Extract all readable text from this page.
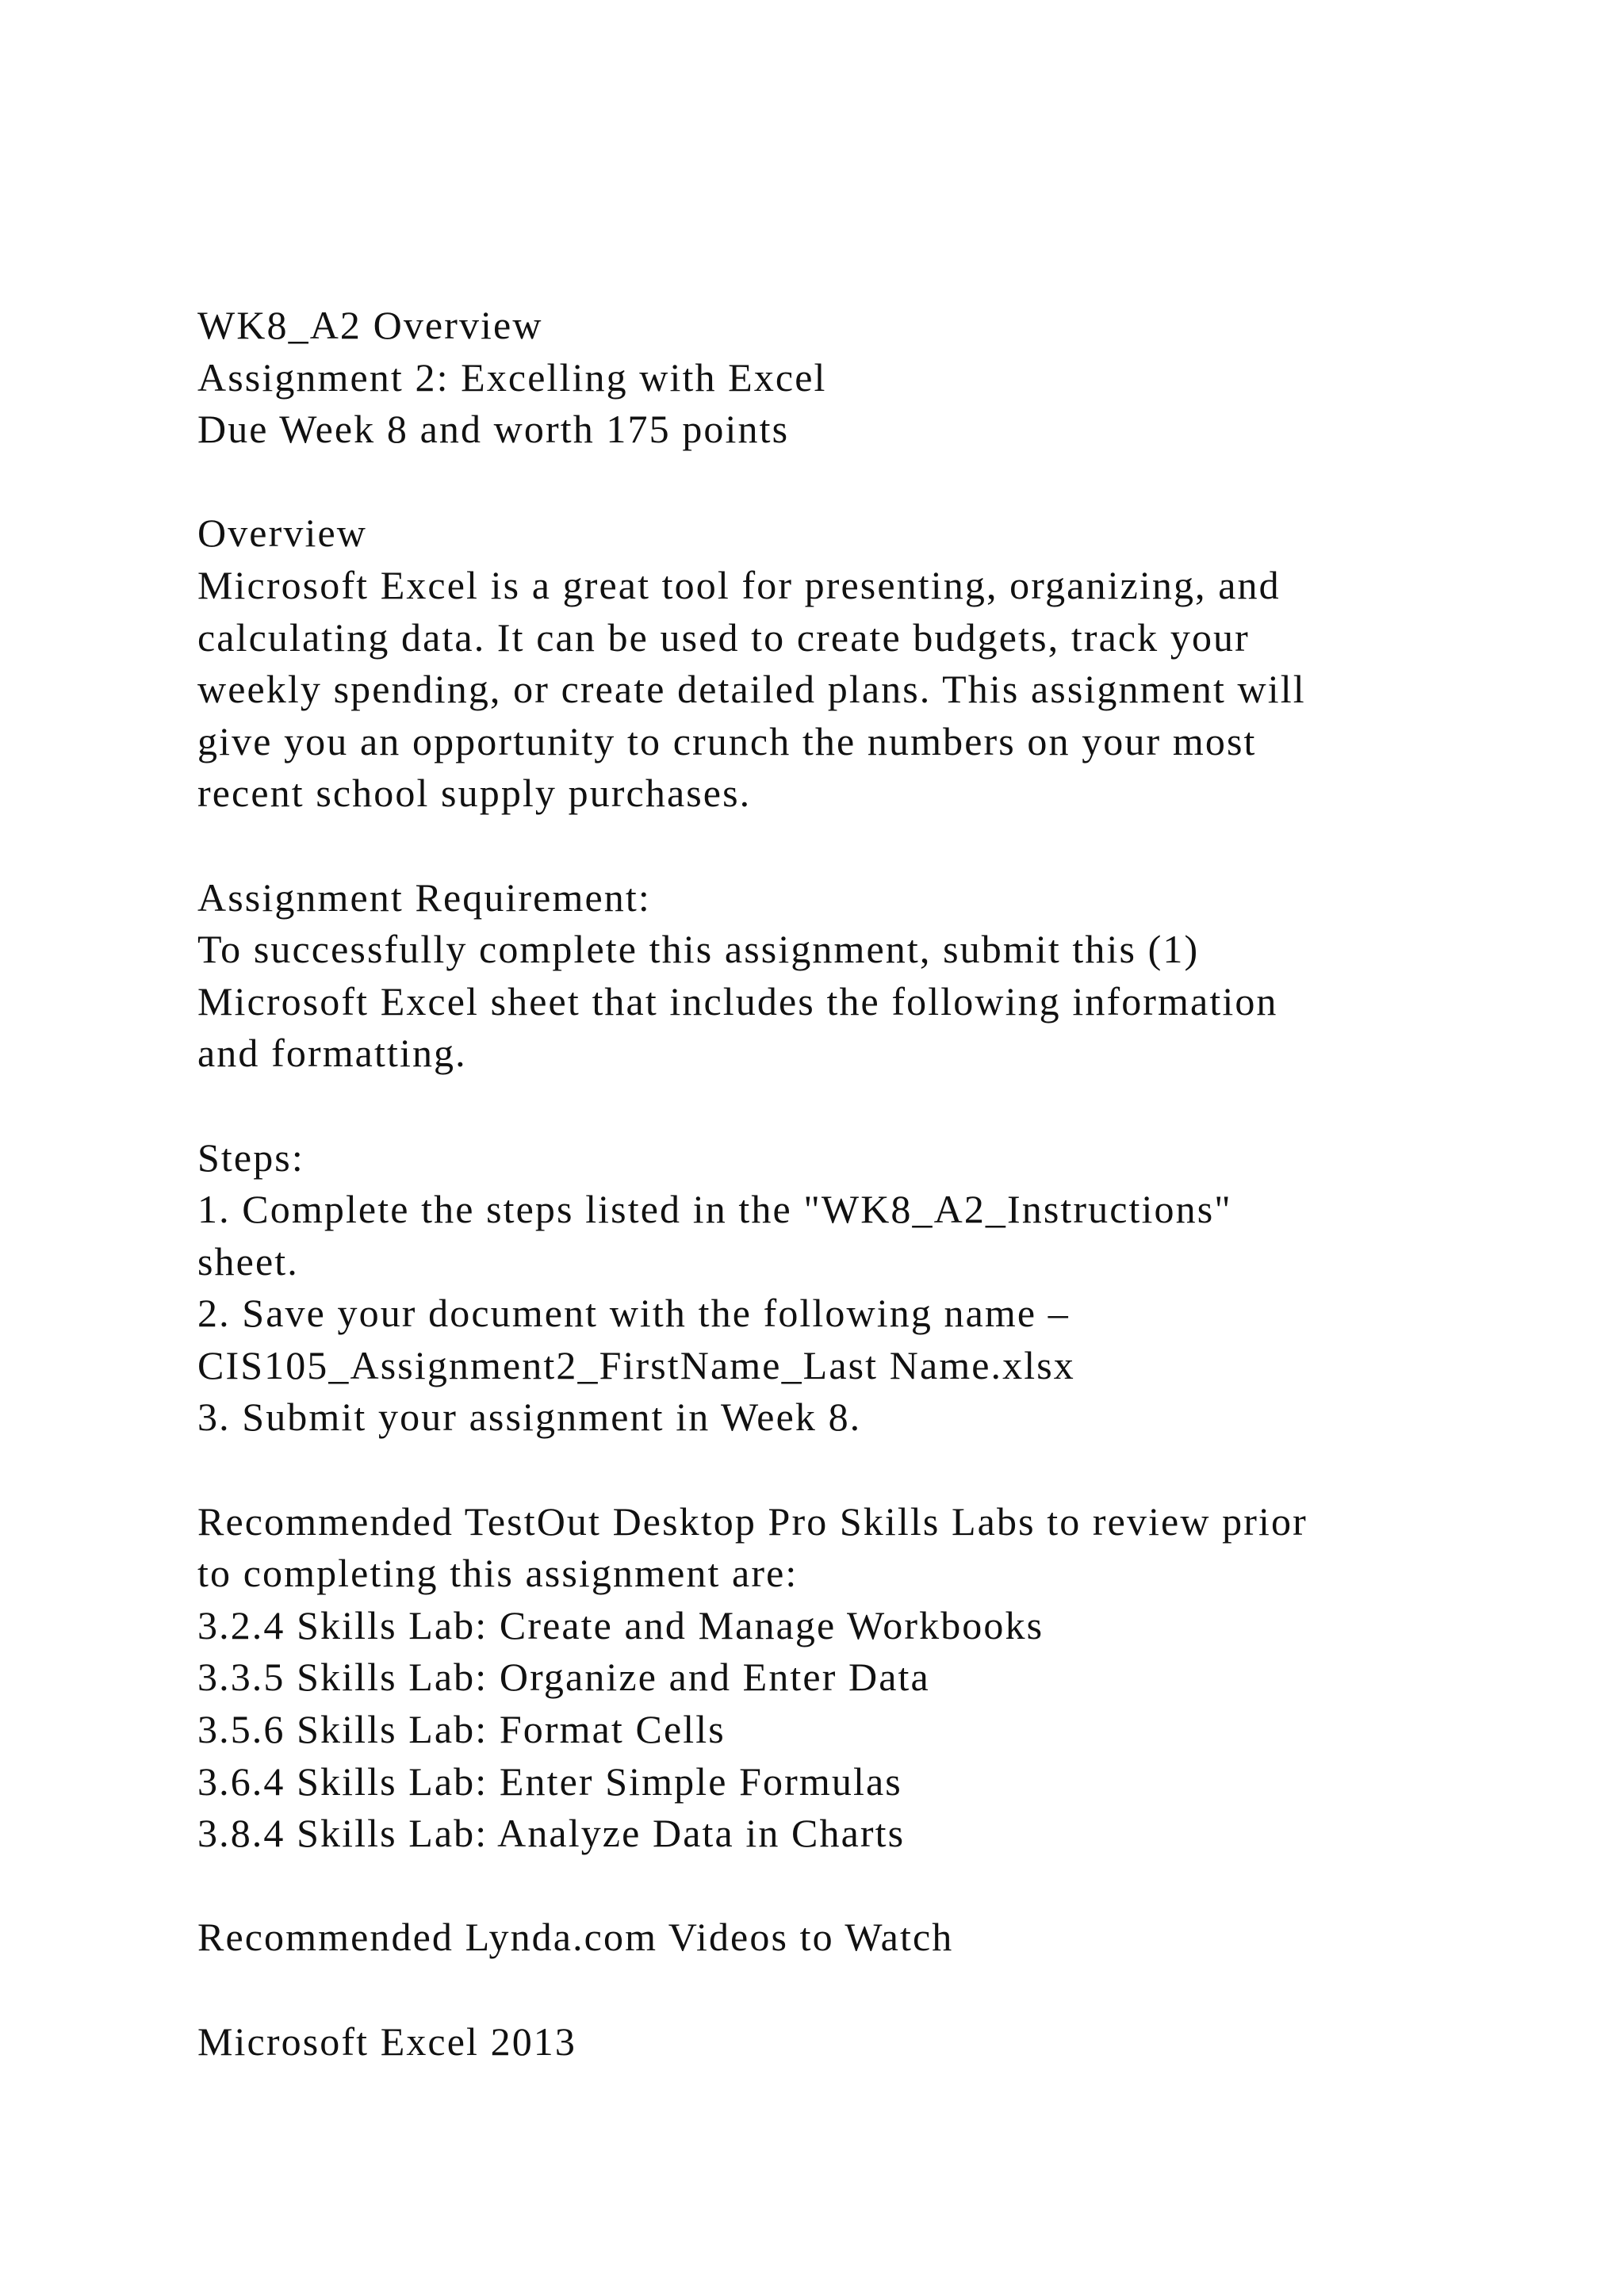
WK8_A2 Overview
Assignment 2: Excelling with Excel
Due Week 8 and worth 175 points
Overview
Microsoft Excel is a great tool for presenting, organizing, and
calculating data. It can be used to create budgets, track your
weekly spending, or create detailed plans. This assignment will
give you an opportunity to crunch the numbers on your most
recent school supply purchases.
Assignment Requirement:
To successfully complete this assignment, submit this (1)
Microsoft Excel sheet that includes the following information
and formatting.
Steps:
1. Complete the steps listed in the "WK8_A2_Instructions"
sheet.
2. Save your document with the following name –
CIS105_Assignment2_FirstName_Last Name.xlsx
3. Submit your assignment in Week 8.
Recommended TestOut Desktop Pro Skills Labs to review prior
to completing this assignment are:
3.2.4 Skills Lab: Create and Manage Workbooks
3.3.5 Skills Lab: Organize and Enter Data
3.5.6 Skills Lab: Format Cells
3.6.4 Skills Lab: Enter Simple Formulas
3.8.4 Skills Lab: Analyze Data in Charts
Recommended Lynda.com Videos to Watch
Microsoft Excel 2013
